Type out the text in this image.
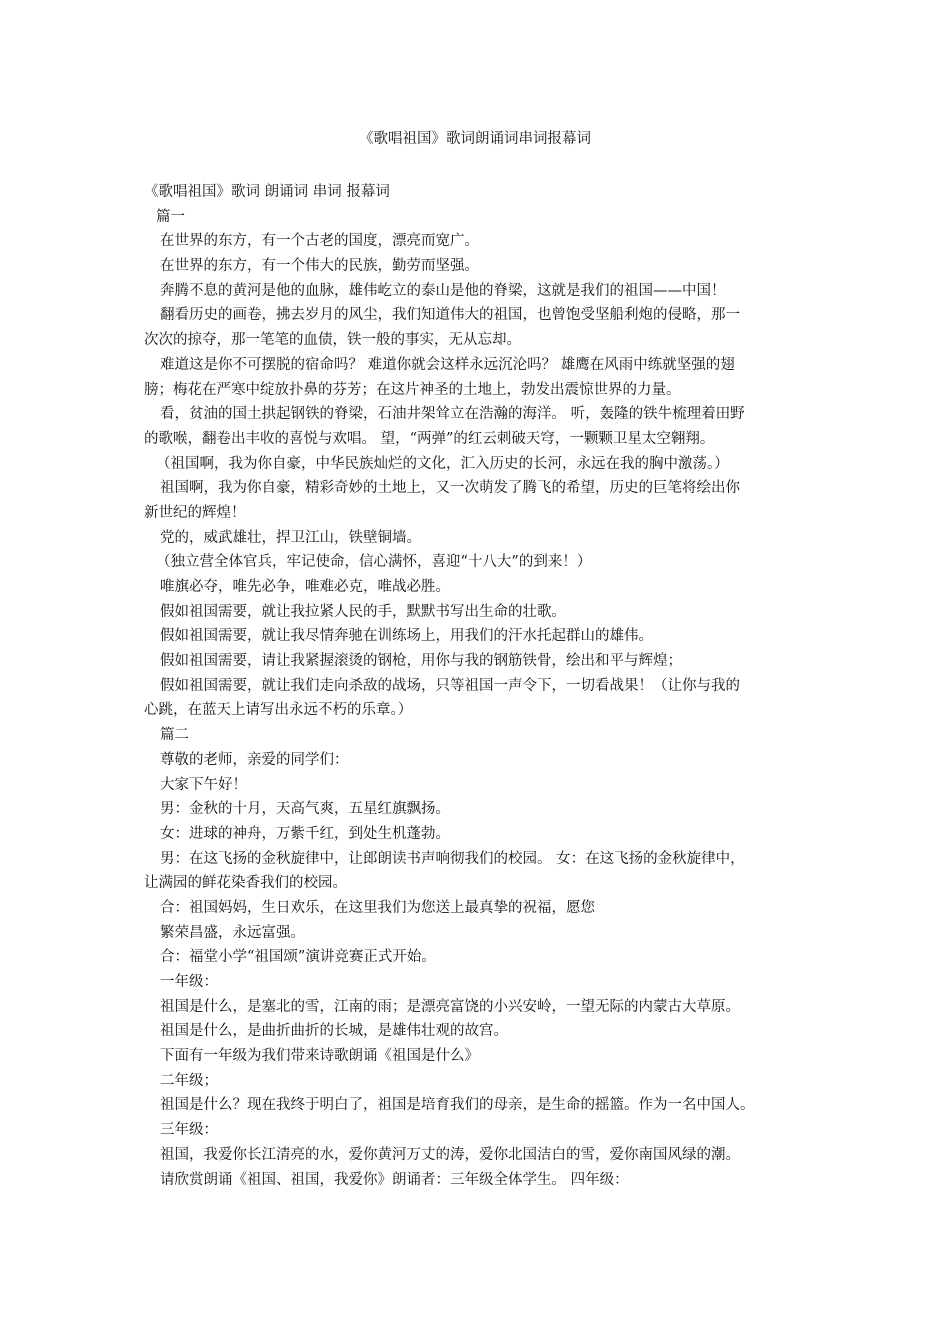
《歌唱祖国》歌词朗诵词串词报幕词
《歌唱祖国》歌词 朗诵词 串词 报幕词
篇一
在世界的东方，有一个古老的国度，漂亮而宽广。
在世界的东方，有一个伟大的民族，勤劳而坚强。
奔腾不息的黄河是他的血脉，雄伟屹立的泰山是他的脊梁，这就是我们的祖国——中国！
翻看历史的画卷，拂去岁月的风尘，我们知道伟大的祖国，也曾饱受坚船利炮的侵略，那一
次次的掠夺，那一笔笔的血债，铁一般的事实，无从忘却。
难道这是你不可摆脱的宿命吗？ 难道你就会这样永远沉沦吗？ 雄鹰在风雨中练就坚强的翅
膀；梅花在严寒中绽放扑鼻的芬芳；在这片神圣的土地上，勃发出震惊世界的力量。
看，贫油的国土拱起钢铁的脊梁，石油井架耸立在浩瀚的海洋。 听，轰隆的铁牛梳理着田野
的歌喉，翻卷出丰收的喜悦与欢唱。 望，“两弹”的红云刺破天穹，一颗颗卫星太空翱翔。
（祖国啊，我为你自豪，中华民族灿烂的文化，汇入历史的长河，永远在我的胸中激荡。）
祖国啊，我为你自豪，精彩奇妙的土地上，又一次萌发了腾飞的希望，历史的巨笔将绘出你
新世纪的辉煌！
党的，威武雄壮，捍卫江山，铁壁铜墙。
（独立营全体官兵，牢记使命，信心满怀，喜迎“十八大”的到来！）
唯旗必夺，唯先必争，唯难必克，唯战必胜。
假如祖国需要，就让我拉紧人民的手，默默书写出生命的壮歌。
假如祖国需要，就让我尽情奔驰在训练场上，用我们的汗水托起群山的雄伟。
假如祖国需要，请让我紧握滚烫的钢枪，用你与我的钢筋铁骨，绘出和平与辉煌；
假如祖国需要，就让我们走向杀敌的战场，只等祖国一声令下，一切看战果！（让你与我的
心跳，在蓝天上请写出永远不朽的乐章。）
篇二
尊敬的老师，亲爱的同学们：
大家下午好！
男：金秋的十月，天高气爽，五星红旗飘扬。
女：进球的神舟，万紫千红，到处生机蓬勃。
男：在这飞扬的金秋旋律中，让郎朗读书声响彻我们的校园。 女：在这飞扬的金秋旋律中，
让满园的鲜花染香我们的校园。
合：祖国妈妈，生日欢乐，在这里我们为您送上最真挚的祝福，愿您
繁荣昌盛，永远富强。
合：福堂小学“祖国颂”演讲竞赛正式开始。
一年级：
祖国是什么，是塞北的雪，江南的雨；是漂亮富饶的小兴安岭，一望无际的内蒙古大草原。
祖国是什么，是曲折曲折的长城，是雄伟壮观的故宫。
下面有一年级为我们带来诗歌朗诵《祖国是什么》
二年级；
祖国是什么？现在我终于明白了，祖国是培育我们的母亲，是生命的摇篮。作为一名中国人。
三年级：
祖国，我爱你长江清亮的水，爱你黄河万丈的涛，爱你北国洁白的雪，爱你南国风绿的潮。
请欣赏朗诵《祖国、祖国，我爱你》朗诵者：三年级全体学生。 四年级：
